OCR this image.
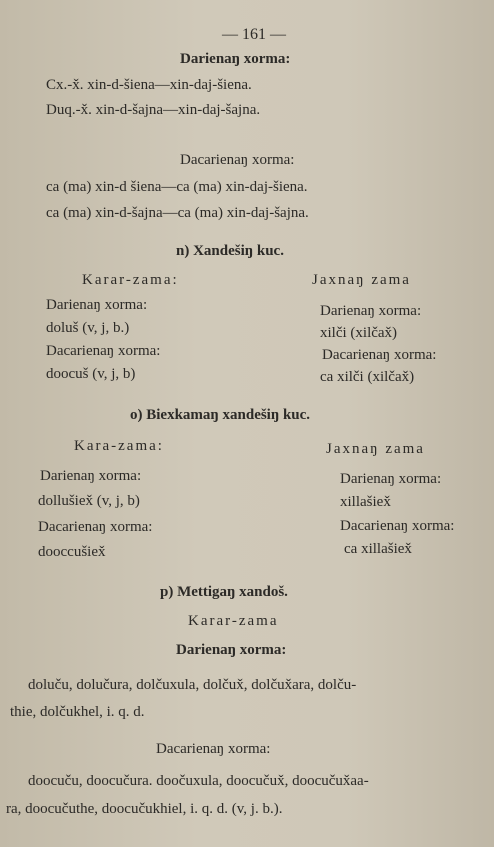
— 161 —
Darienaŋ xorma:
Cx.-x̌. xin-d-šiena—xin-daj-šiena.
Duq.-x̌. xin-d-šajna—xin-daj-šajna.
Dacarienaŋ xorma:
ca (ma) xin-d šiena—ca (ma) xin-daj-šiena.
ca (ma) xin-d-šajna—ca (ma) xin-daj-šajna.
n) Xandešiŋ kuc.
Karar-zama:	Jaxnaŋ zama
Darienaŋ xorma:	Darienaŋ xorma:
doluš (v, j, b.)	xilči (xilčax̌)
Dacarienaŋ xorma:	Dacarienaŋ xorma:
doocuš (v, j, b)	ca xilči (xilčax̌)
o) Biexkamaŋ xandešiŋ kuc.
Kara-zama:	Jaxnaŋ zama
Darienaŋ xorma:	Darienaŋ xorma:
dollušiex̌ (v, j, b)	xillašiex̌
Dacarienaŋ xorma:	Dacarienaŋ xorma:
dooccušiex̌	ca xillašiex̌
p) Mettigaŋ xandoš.
Karar-zama
Darienaŋ xorma:
doluču, dolučura, dolčuxula, dolčux̌, dolčux̌ara, dolču-
thie, dolčukhel, i. q. d.
Dacarienaŋ xorma:
doocuču, doocučura. doočuxula, doocučux̌, doocučux̌aa-
ra, doocučuthe, doocučukhiel, i. q. d. (v, j. b.).
